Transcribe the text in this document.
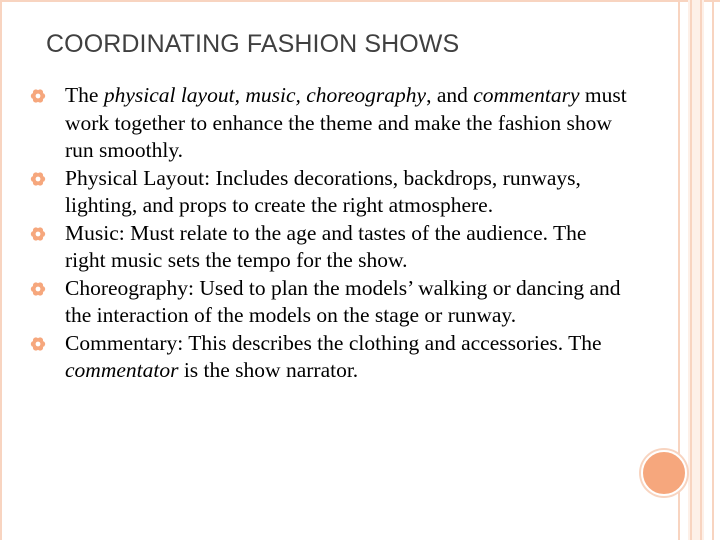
COORDINATING FASHION SHOWS
The physical layout, music, choreography, and commentary must work together to enhance the theme and make the fashion show run smoothly.
Physical Layout: Includes decorations, backdrops, runways, lighting, and props to create the right atmosphere.
Music: Must relate to the age and tastes of the audience. The right music sets the tempo for the show.
Choreography: Used to plan the models’ walking or dancing and the interaction of the models on the stage or runway.
Commentary: This describes the clothing and accessories. The commentator is the show narrator.
